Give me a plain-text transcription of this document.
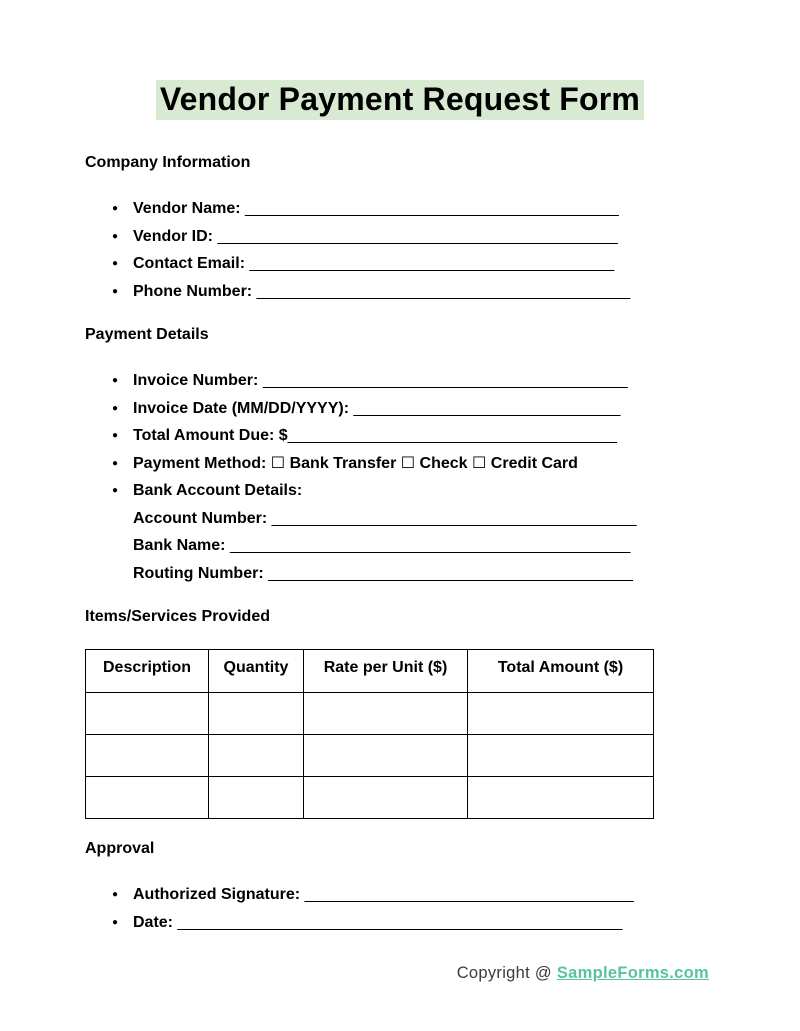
Vendor Payment Request Form
Company Information
● Vendor Name: __________________________________________
● Vendor ID: _____________________________________________
● Contact Email: _________________________________________
● Phone Number: __________________________________________
Payment Details
● Invoice Number: _________________________________________
● Invoice Date (MM/DD/YYYY): ______________________________
● Total Amount Due: $_____________________________________
● Payment Method: ☐ Bank Transfer ☐ Check ☐ Credit Card
● Bank Account Details:
Account Number: _________________________________________
Bank Name: _____________________________________________
Routing Number: _________________________________________
Items/Services Provided
Description	Quantity	Rate per Unit ($)	Total Amount ($)

Approval
● Authorized Signature: _____________________________________
● Date: __________________________________________________
Copyright @ SampleForms.com
